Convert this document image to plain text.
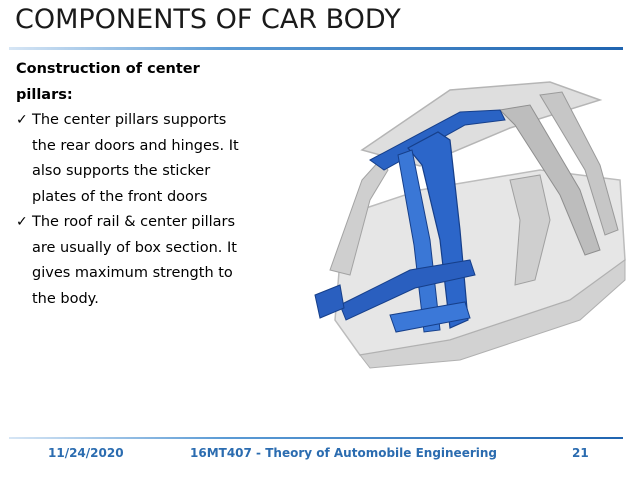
COMPONENTS OF CAR BODY
Construction of center
pillars:
✓ The center pillars supports
the rear doors and hinges. It
also supports the sticker
plates of the front doors
✓ The roof rail & center pillars
are usually of box section. It
gives maximum strength to
the body.
11/24/2020	16MT407 - Theory of Automobile Engineering	21
